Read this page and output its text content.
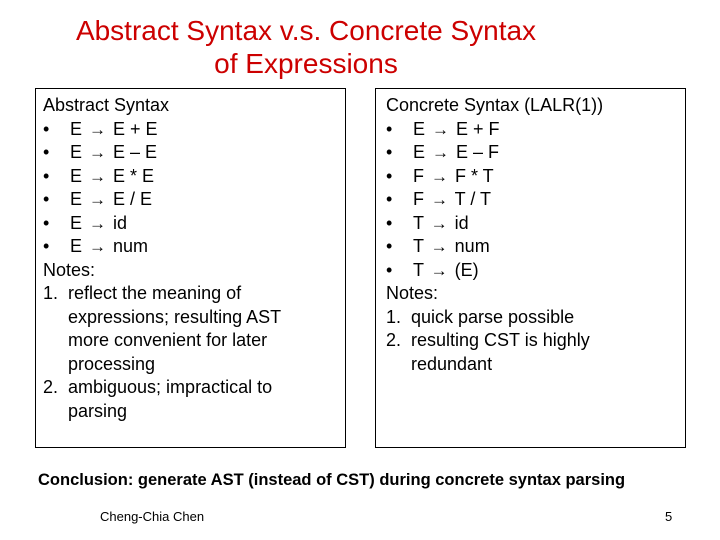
Abstract Syntax v.s. Concrete Syntax
of Expressions
Abstract Syntax
•	E → E + E
•	E → E – E
•	E → E * E
•	E → E / E
•	E → id
•	E → num
Notes:
1. reflect the meaning of expressions; resulting AST more convenient for later processing
2. ambiguous; impractical to parsing
Concrete Syntax (LALR(1))
•	E → E + F
•	E → E – F
•	F → F * T
•	F → T / T
•	T → id
•	T → num
•	T → (E)
Notes:
1. quick parse possible
2. resulting CST is highly redundant
Conclusion: generate AST (instead of CST) during concrete syntax parsing
Cheng-Chia Chen	5
